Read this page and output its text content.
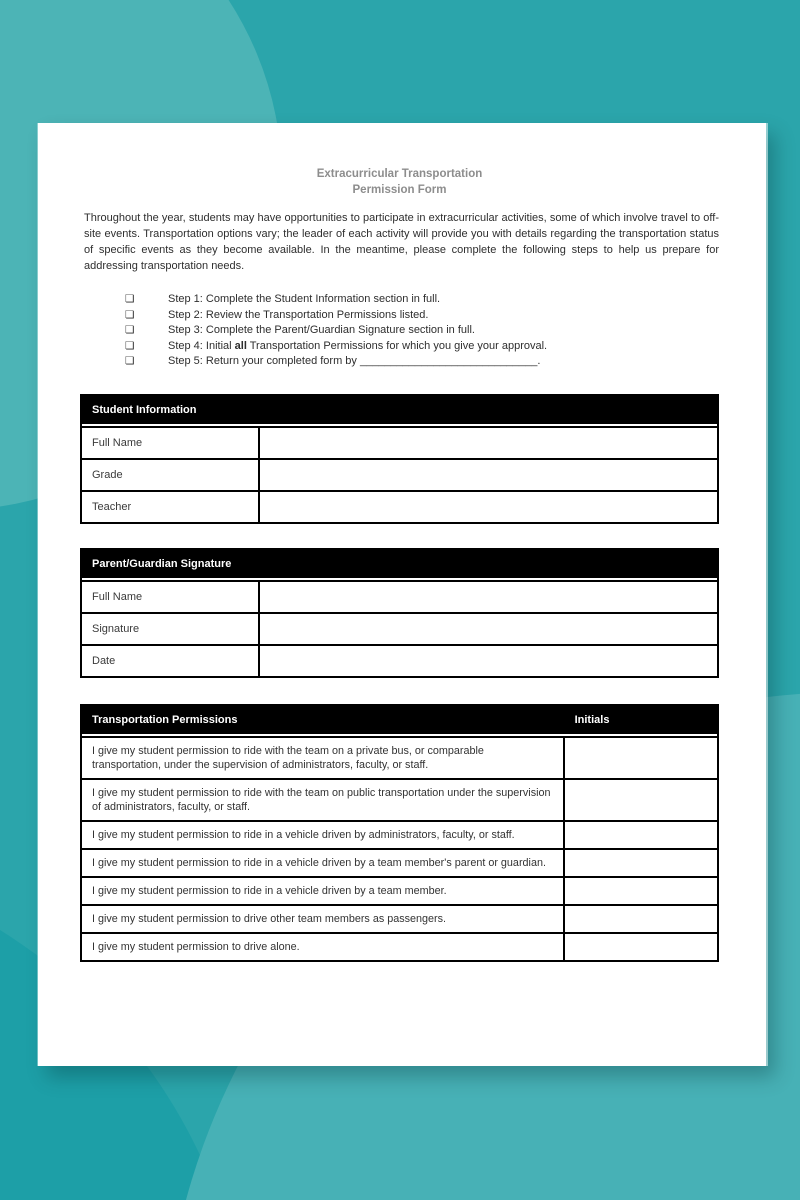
Extracurricular Transportation
Permission Form
Throughout the year, students may have opportunities to participate in extracurricular activities, some of which involve travel to off-site events. Transportation options vary; the leader of each activity will provide you with details regarding the transportation status of specific events as they become available. In the meantime, please complete the following steps to help us prepare for addressing transportation needs.
❏	Step 1: Complete the Student Information section in full.
❏	Step 2: Review the Transportation Permissions listed.
❏	Step 3: Complete the Parent/Guardian Signature section in full.
❏	Step 4: Initial all Transportation Permissions for which you give your approval.
❏	Step 5: Return your completed form by _____________________________.
Student Information
Full Name
Grade
Teacher
Parent/Guardian Signature
Full Name
Signature
Date
Transportation Permissions	Initials
I give my student permission to ride with the team on a private bus, or comparable transportation, under the supervision of administrators, faculty, or staff.
I give my student permission to ride with the team on public transportation under the supervision of administrators, faculty, or staff.
I give my student permission to ride in a vehicle driven by administrators, faculty, or staff.
I give my student permission to ride in a vehicle driven by a team member's parent or guardian.
I give my student permission to ride in a vehicle driven by a team member.
I give my student permission to drive other team members as passengers.
I give my student permission to drive alone.
